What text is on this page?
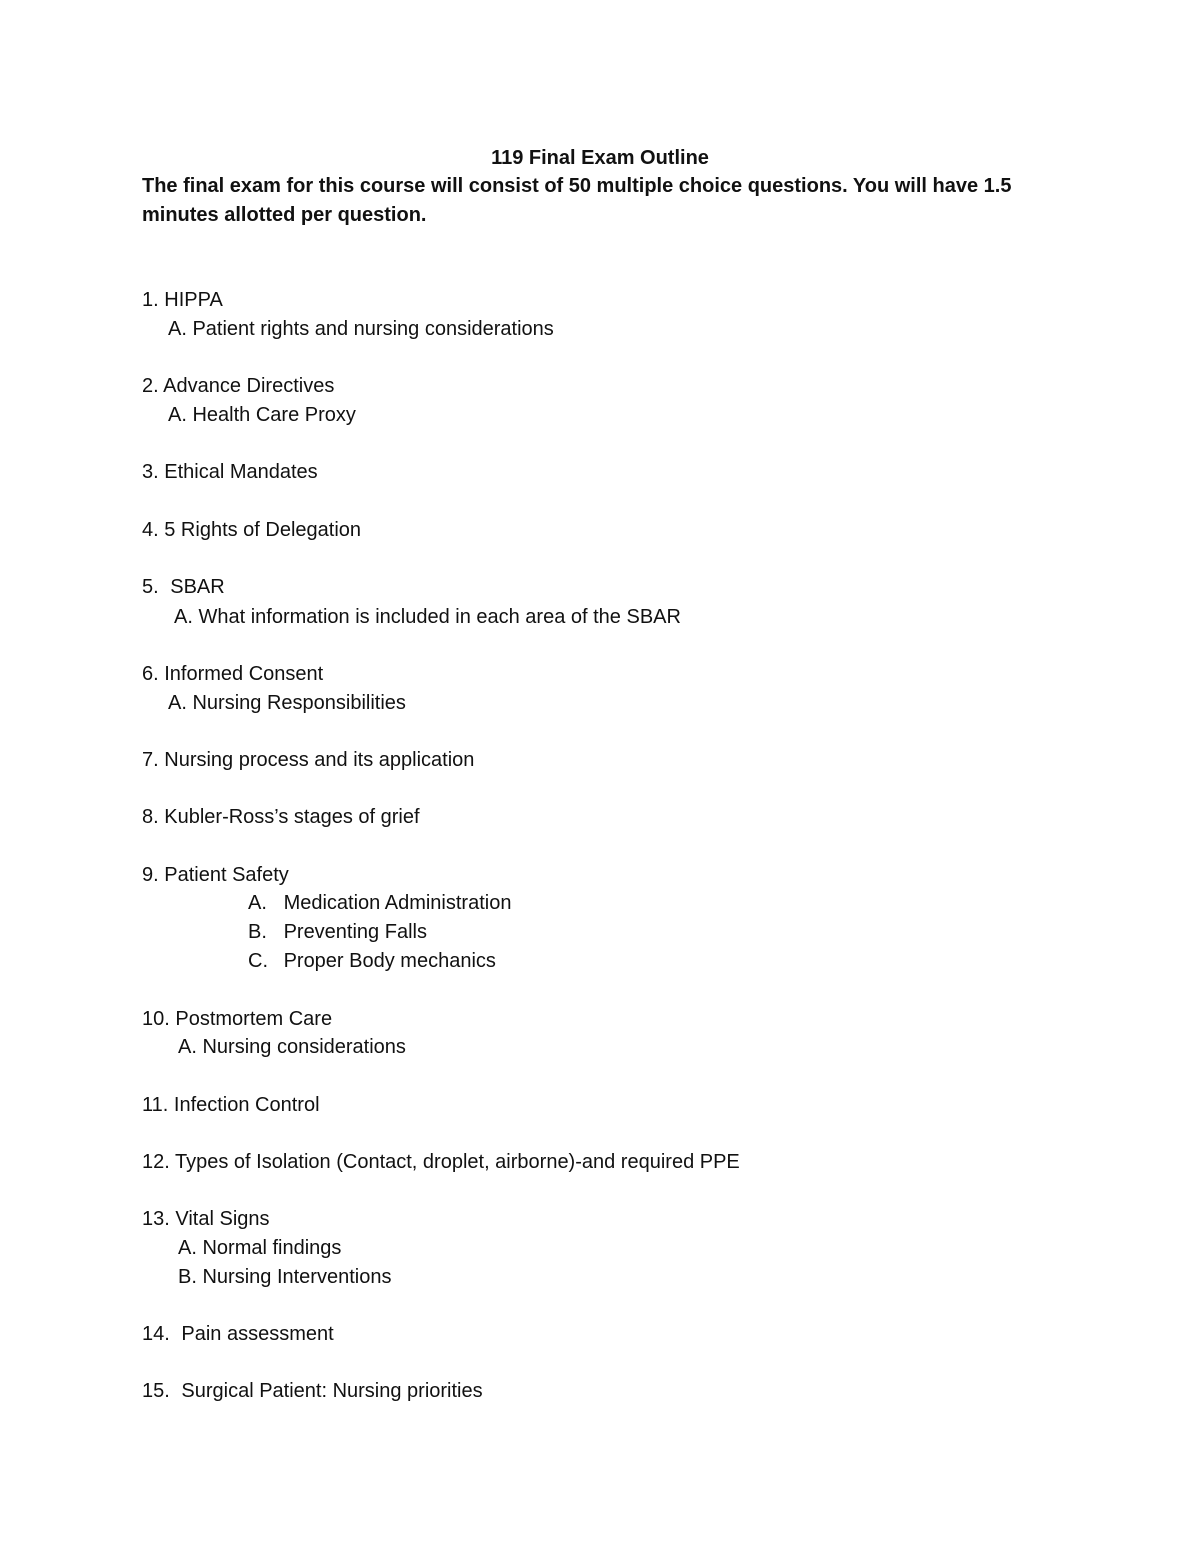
119 Final Exam Outline
The final exam for this course will consist of 50 multiple choice questions. You will have 1.5
minutes allotted per question.
1. HIPPA
A. Patient rights and nursing considerations
2. Advance Directives
A. Health Care Proxy
3. Ethical Mandates
4. 5 Rights of Delegation
5. SBAR
A. What information is included in each area of the SBAR
6. Informed Consent
A. Nursing Responsibilities
7. Nursing process and its application
8. Kubler-Ross’s stages of grief
9. Patient Safety
A. Medication Administration
B. Preventing Falls
C. Proper Body mechanics
10. Postmortem Care
A. Nursing considerations
11. Infection Control
12. Types of Isolation (Contact, droplet, airborne)-and required PPE
13. Vital Signs
A. Normal findings
B. Nursing Interventions
14. Pain assessment
15. Surgical Patient: Nursing priorities
